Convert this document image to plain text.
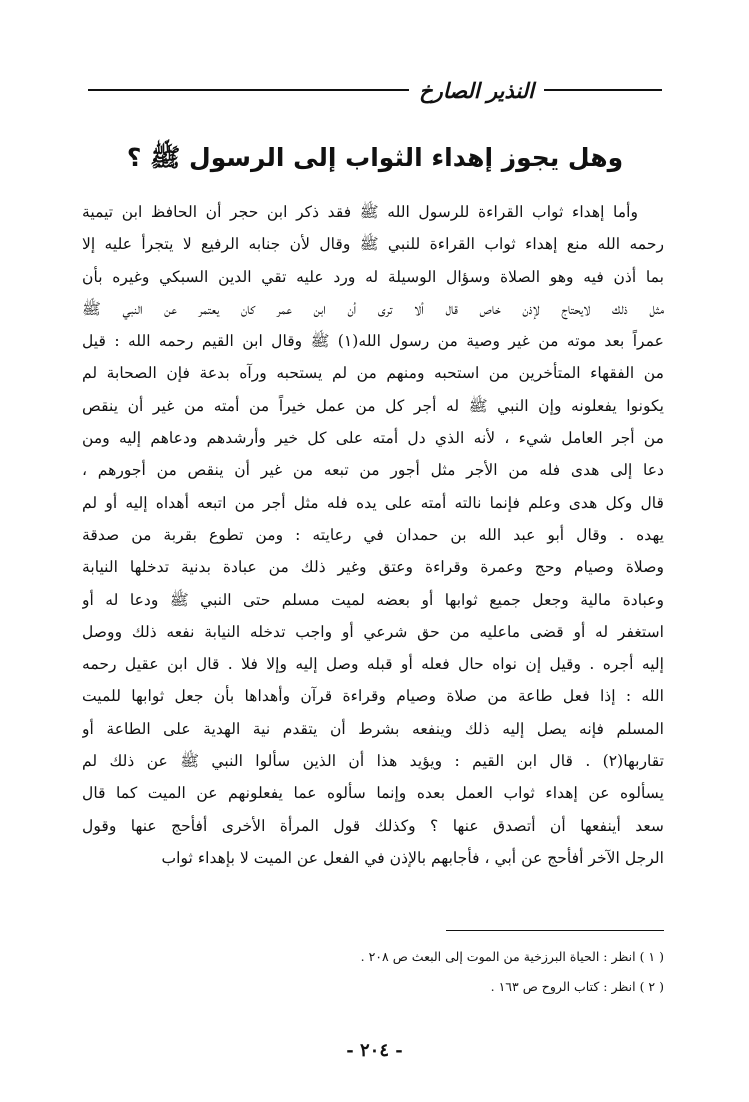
النذير الصارخ
وهل يجوز إهداء الثواب إلى الرسول ﷺ ؟
وأما إهداء ثواب القراءة للرسول الله ﷺ فقد ذكر ابن حجر أن الحافظ ابن تيمية
رحمه الله منع إهداء ثواب القراءة للنبي ﷺ وقال لأن جنابه الرفيع لا يتجرأ عليه إلا
بما أذن فيه وهو الصلاة وسؤال الوسيلة له ورد عليه تقي الدين السبكي وغيره بأن
مثل ذلك لايحتاج لإذن خاص قال ألا ترى أن ابن عمر كان يعتمر عن النبي ﷺ
عمراً بعد موته من غير وصية من رسول الله(١) ﷺ وقال ابن القيم رحمه الله : قيل
من الفقهاء المتأخرين من استحبه ومنهم من لم يستحبه ورآه بدعة فإن الصحابة لم
يكونوا يفعلونه وإن النبي ﷺ له أجر كل من عمل خيراً من أمته من غير أن ينقص
من أجر العامل شيء ، لأنه الذي دل أمته على كل خير وأرشدهم ودعاهم إليه ومن
دعا إلى هدى فله من الأجر مثل أجور من تبعه من غير أن ينقص من أجورهم ،
قال وكل هدى وعلم فإنما نالته أمته على يده فله مثل أجر من اتبعه أهداه إليه أو لم
يهده . وقال أبو عبد الله بن حمدان في رعايته : ومن تطوع بقربة من صدقة
وصلاة وصيام وحج وعمرة وقراءة وعتق وغير ذلك من عبادة بدنية تدخلها النيابة
وعبادة مالية وجعل جميع ثوابها أو بعضه لميت مسلم حتى النبي ﷺ ودعا له أو
استغفر له أو قضى ماعليه من حق شرعي أو واجب تدخله النيابة نفعه ذلك ووصل
إليه أجره . وقيل إن نواه حال فعله أو قبله وصل إليه وإلا فلا . قال ابن عقيل رحمه
الله : إذا فعل طاعة من صلاة وصيام وقراءة قرآن وأهداها بأن جعل ثوابها للميت
المسلم فإنه يصل إليه ذلك وينفعه بشرط أن يتقدم نية الهدية على الطاعة أو
تقاربها(٢) . قال ابن القيم : ويؤيد هذا أن الذين سألوا النبي ﷺ عن ذلك لم
يسألوه عن إهداء ثواب العمل بعده وإنما سألوه عما يفعلونهم عن الميت كما قال
سعد أينفعها أن أتصدق عنها ؟ وكذلك قول المرأة الأخرى أفأحج عنها وقول
الرجل الآخر أفأحج عن أبي ، فأجابهم بالإذن في الفعل عن الميت لا بإهداء ثواب
( ١ ) انظر : الحياة البرزخية من الموت إلى البعث ص ٢٠٨ .
( ٢ ) انظر : كتاب الروح ص ١٦٣ .
- ٢٠٤ -
